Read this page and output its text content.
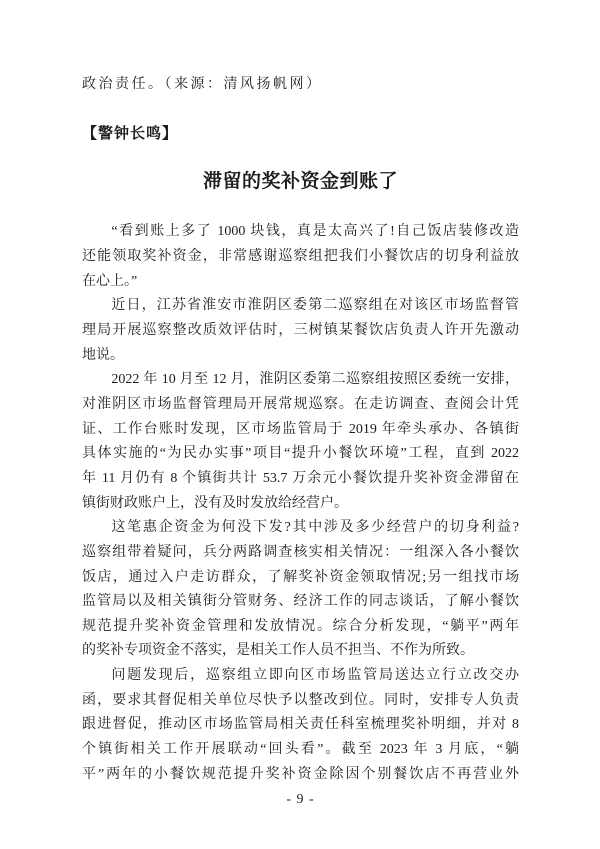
政治责任。（来源：清风扬帆网）
【警钟长鸣】
滞留的奖补资金到账了
“看到账上多了 1000 块钱，真是太高兴了!自己饭店装修改造
还能领取奖补资金，非常感谢巡察组把我们小餐饮店的切身利益放
在心上。”
近日，江苏省淮安市淮阴区委第二巡察组在对该区市场监督管
理局开展巡察整改质效评估时，三树镇某餐饮店负责人许开先激动
地说。
2022 年 10 月至 12 月，淮阴区委第二巡察组按照区委统一安排，
对淮阴区市场监督管理局开展常规巡察。在走访调查、查阅会计凭
证、工作台账时发现，区市场监管局于 2019 年牵头承办、各镇街
具体实施的“为民办实事”项目“提升小餐饮环境”工程，直到 2022
年 11 月仍有 8 个镇街共计 53.7 万余元小餐饮提升奖补资金滞留在
镇街财政账户上，没有及时发放给经营户。
这笔惠企资金为何没下发?其中涉及多少经营户的切身利益?
巡察组带着疑问，兵分两路调查核实相关情况：一组深入各小餐饮
饭店，通过入户走访群众，了解奖补资金领取情况;另一组找市场
监管局以及相关镇街分管财务、经济工作的同志谈话，了解小餐饮
规范提升奖补资金管理和发放情况。综合分析发现，“躺平”两年
的奖补专项资金不落实，是相关工作人员不担当、不作为所致。
问题发现后，巡察组立即向区市场监管局送达立行立改交办
函，要求其督促相关单位尽快予以整改到位。同时，安排专人负责
跟进督促，推动区市场监管局相关责任科室梳理奖补明细，并对 8
个镇街相关工作开展联动“回头看”。截至 2023 年 3 月底，“躺
平”两年的小餐饮规范提升奖补资金除因个别餐饮店不再营业外
- 9 -
